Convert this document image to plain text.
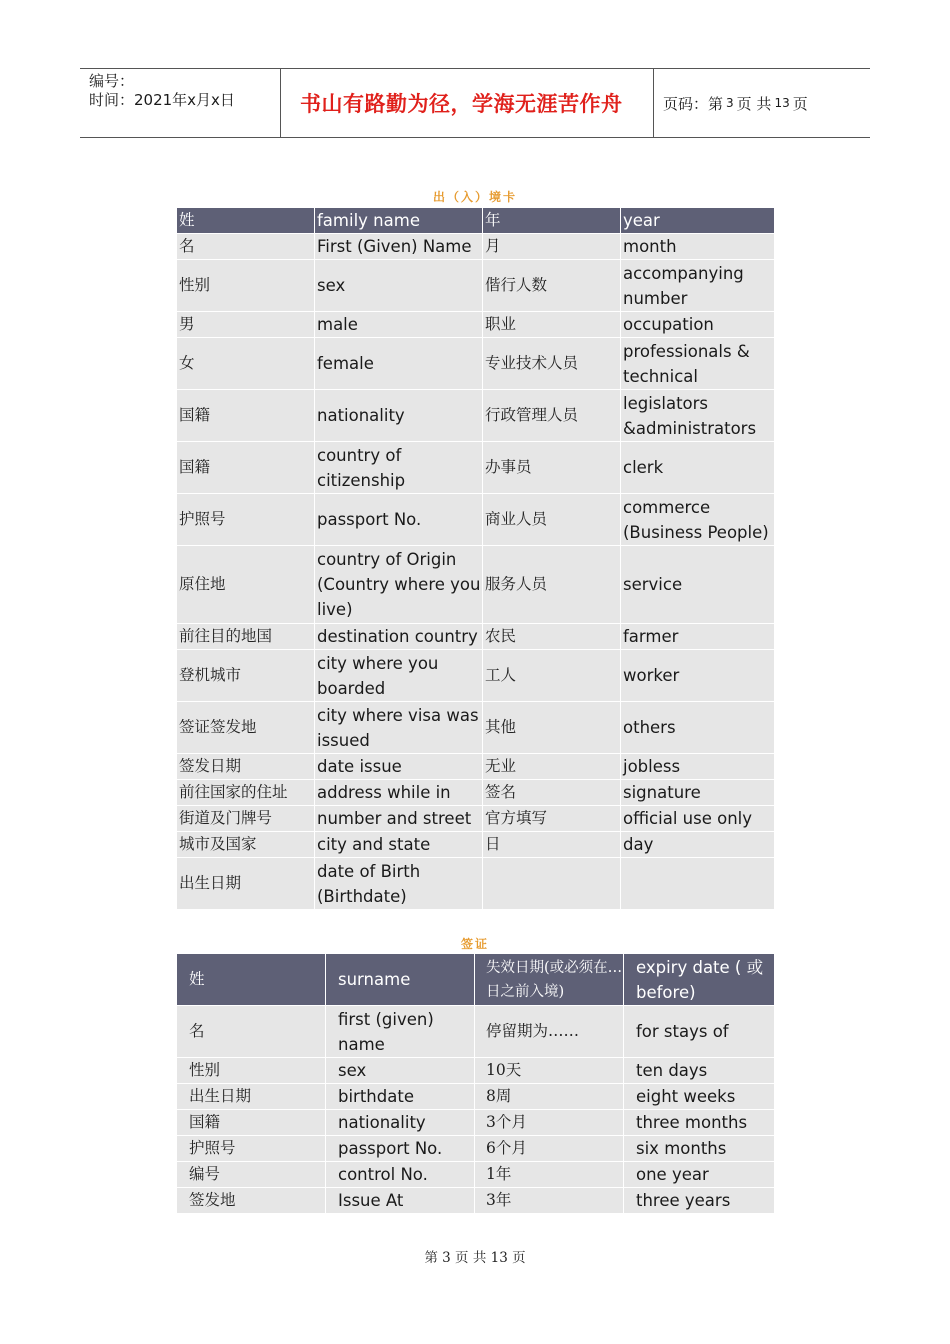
编号：
时间：2021年x月x日	书山有路勤为径，学海无涯苦作舟	页码：第 3 页 共 13 页
出（入）境卡
姓	family name	年	year
名	First (Given) Name	月	month
性别	sex	偕行人数	accompanying number
男	male	职业	occupation
女	female	专业技术人员	professionals & technical
国籍	nationality	行政管理人员	legislators &administrators
国籍	country of citizenship	办事员	clerk
护照号	passport No.	商业人员	commerce (Business People)
原住地	country of Origin (Country where you live)	服务人员	service
前往目的地国	destination country	农民	farmer
登机城市	city where you boarded	工人	worker
签证签发地	city where visa was issued	其他	others
签发日期	date issue	无业	jobless
前往国家的住址	address while in	签名	signature
街道及门牌号	number and street	官方填写	official use only
城市及国家	city and state	日	day
出生日期	date of Birth (Birthdate)		
签证
姓	surname	失效日期(或必须在…日之前入境)	expiry date ( 或 before)
名	first (given) name	停留期为……	for stays of
性别	sex	10天	ten days
出生日期	birthdate	8周	eight weeks
国籍	nationality	3个月	three months
护照号	passport No.	6个月	six months
编号	control No.	1年	one year
签发地	Issue At	3年	three years
第 3 页 共 13 页
